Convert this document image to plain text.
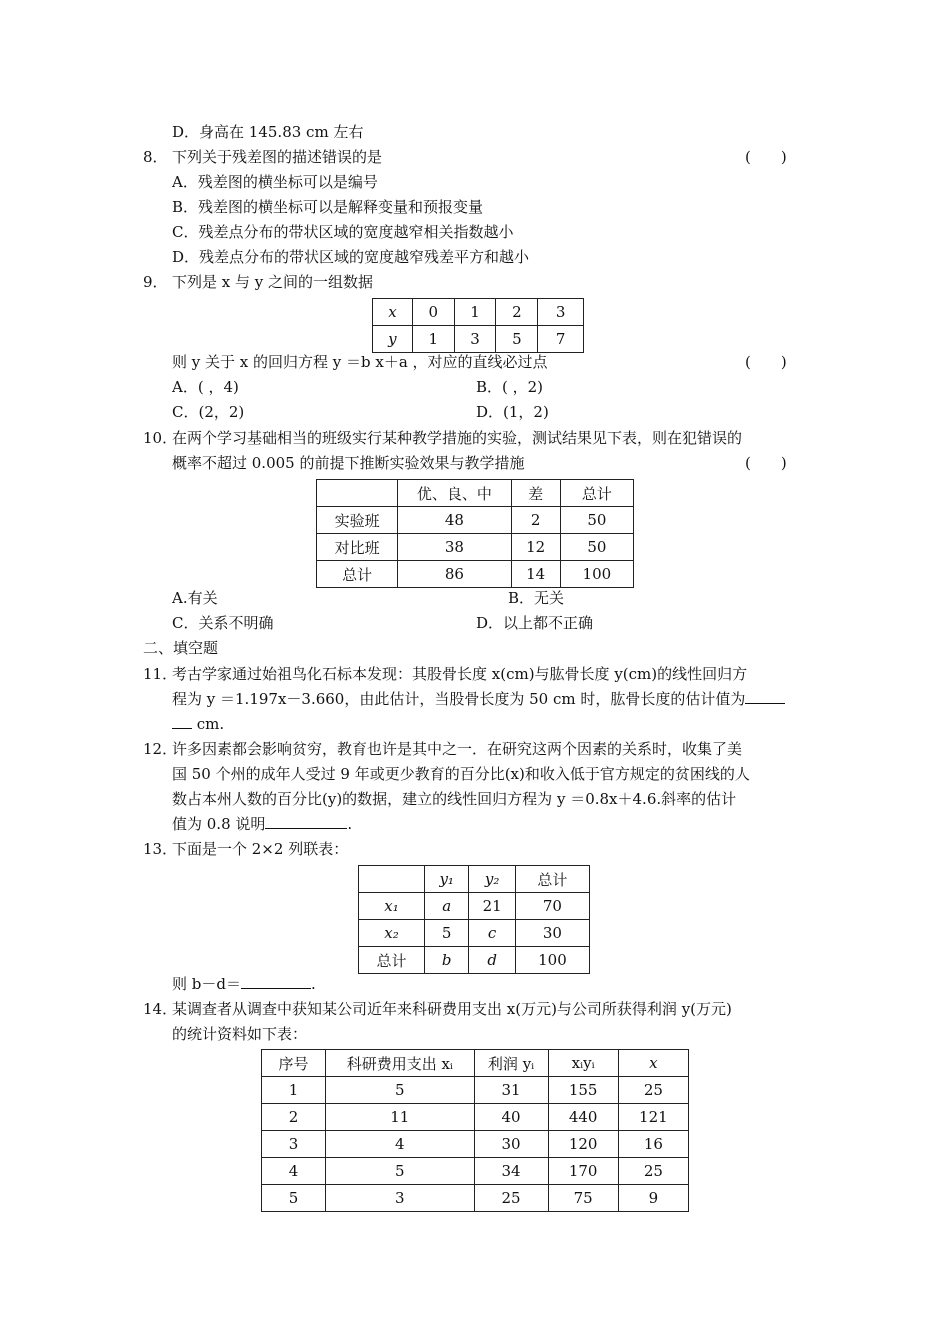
D．身高在 145.83 cm 左右
8． 下列关于残差图的描述错误的是	(　　)
A．残差图的横坐标可以是编号
B．残差图的横坐标可以是解释变量和预报变量
C．残差点分布的带状区域的宽度越窄相关指数越小
D．残差点分布的带状区域的宽度越窄残差平方和越小
9． 下列是 x 与 y 之间的一组数据
x	0	1	2	3
y	1	3	5	7
则 y 关于 x 的回归方程 y ＝b x＋a ，对应的直线必过点	(　　)
A．( ，4)	B．( ，2)
C．(2，2)	D．(1，2)
10．
在两个学习基础相当的班级实行某种教学措施的实验，测试结果见下表，则在犯错误的
概率不超过 0.005 的前提下推断实验效果与教学措施	(　　)
	优、良、中	差	总计
实验班	48	2	50
对比班	38	12	50
总计	86	14	100
A.有关	B．无关
C．关系不明确	D．以上都不正确
二、填空题
11．
考古学家通过始祖鸟化石标本发现：其股骨长度 x(cm)与肱骨长度 y(cm)的线性回归方
程为 y ＝1.197x－3.660，由此估计，当股骨长度为 50 cm 时，肱骨长度的估计值为
cm.
12．
许多因素都会影响贫穷，教育也许是其中之一．在研究这两个因素的关系时，收集了美
国 50 个州的成年人受过 9 年或更少教育的百分比(x)和收入低于官方规定的贫困线的人
数占本州人数的百分比(y)的数据，建立的线性回归方程为 y ＝0.8x＋4.6.斜率的估计
值为 0.8 说明	.
13．
下面是一个 2×2 列联表：
	y₁	y₂	总计
x₁	a	21	70
x₂	5	c	30
总计	b	d	100
则 b－d＝	.
14．
某调查者从调查中获知某公司近年来科研费用支出 x(万元)与公司所获得利润 y(万元)
的统计资料如下表：
序号	科研费用支出 xᵢ	利润 yᵢ	xᵢyᵢ	x
1	5	31	155	25
2	11	40	440	121
3	4	30	120	16
4	5	34	170	25
5	3	25	75	9
